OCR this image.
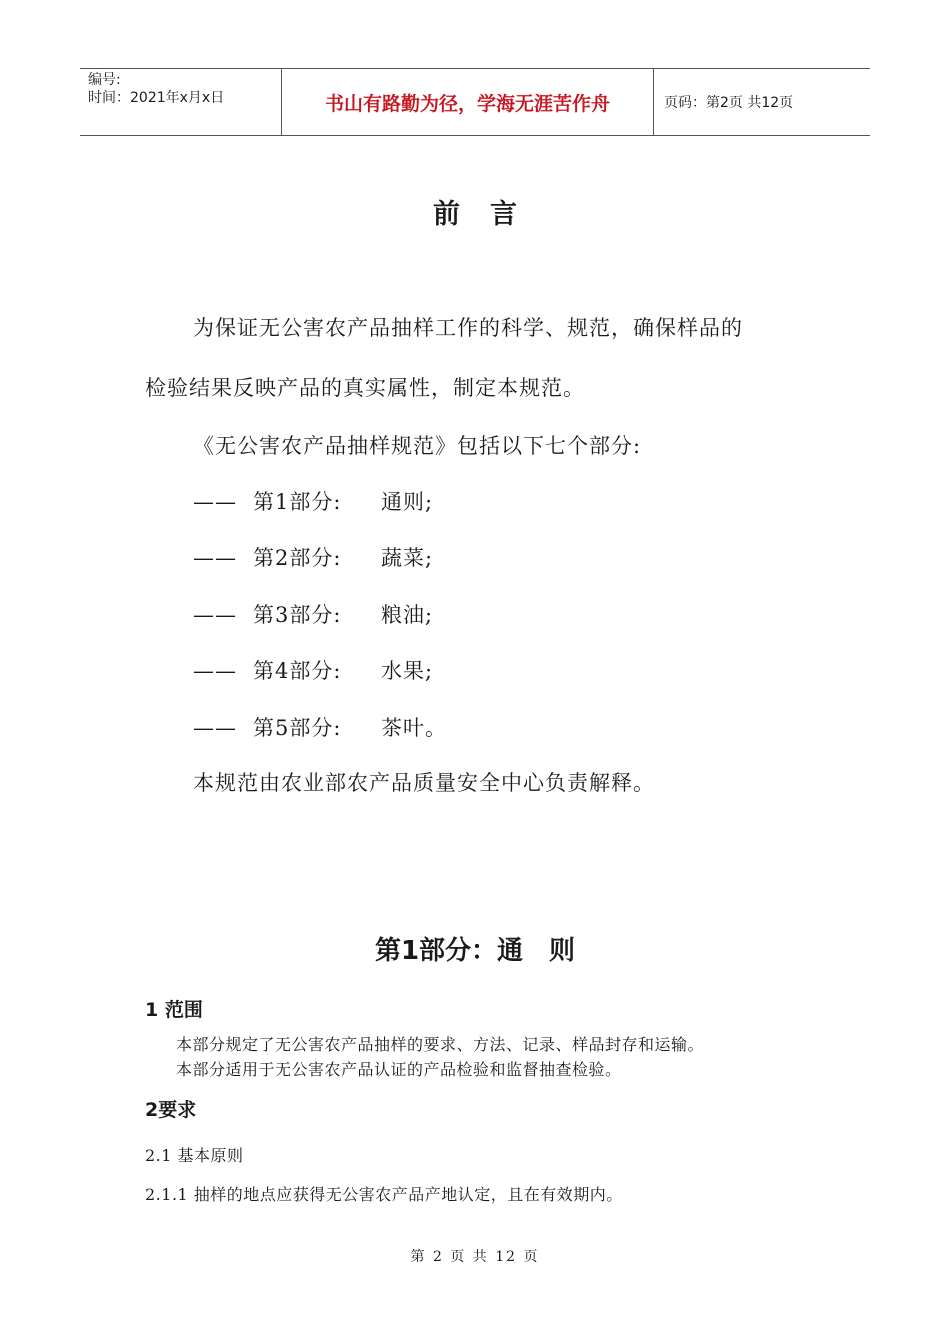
编号:
时间：2021年x月x日	书山有路勤为径，学海无涯苦作舟	页码：第2页 共12页
前言
为保证无公害农产品抽样工作的科学、规范，确保样品的
检验结果反映产品的真实属性，制定本规范。
《无公害农产品抽样规范》包括以下七个部分:
—— 第1部分: 通则;
—— 第2部分: 蔬菜;
—— 第3部分: 粮油;
—— 第4部分: 水果;
—— 第5部分: 茶叶。
本规范由农业部农产品质量安全中心负责解释。
第1部分：通　则
1 范围
本部分规定了无公害农产品抽样的要求、方法、记录、样品封存和运输。
本部分适用于无公害农产品认证的产品检验和监督抽查检验。
2要求
2.1 基本原则
2.1.1 抽样的地点应获得无公害农产品产地认定，且在有效期内。
第 2 页 共 12 页
